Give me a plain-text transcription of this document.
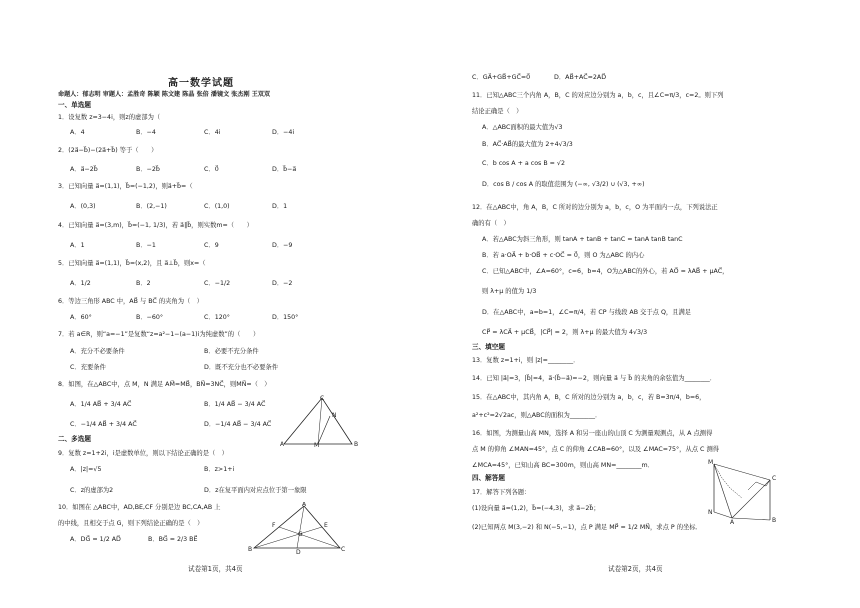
高一数学试题
命题人：郁志明 审题人：孟胜奇 陈颖 陈文建 陈晶 张倍 潘镜文 张杰刚 王双双
一、单选题
1．设复数 z=3−4i，则z的虚部为（
A．4	B．−4	C．4i	D．−4i
2．(2a⃗−b⃗)−(2a⃗+b⃗) 等于（　　）
A．a⃗−2b⃗	B．−2b⃗	C．0⃗	D．b⃗−a⃗
3．已知向量 a⃗=(1,1)，b⃗=(−1,2)，则a⃗+b⃗=（
A．(0,3)	B．(2,−1)	C．(1,0)	D．1
4．已知向量 a⃗=(3,m)，b⃗=(−1, 1/3)，若 a⃗∥b⃗，则实数m=（　　）
A．1	B．−1	C．9	D．−9
5．已知向量 a⃗=(1,1)，b⃗=(x,2)，且 a⃗⊥b⃗，则x=（
A．1/2	B．2	C．−1/2	D．−2
6．等边三角形 ABC 中，AB⃗ 与 BC⃗ 的夹角为（　）
A．60°	B．−60°	C．120°	D．150°
7．若 a∈R，则“a=−1”是复数“z=a²−1−(a−1)i为纯虚数”的（　　）
A．充分不必要条件	B．必要不充分条件
C．充要条件	D．既不充分也不必要条件
8．如图，在△ABC中，点 M，N 满足 AM⃗=MB⃗，BN⃗=3NC⃗，则MN⃗=（　）
A．1/4 AB⃗ + 3/4 AC⃗	B．1/4 AB⃗ − 3/4 AC⃗
C．−1/4 AB⃗ + 3/4 AC⃗	D．−1/4 AB⃗ − 3/4 AC⃗
A	B
C
M
N
二、多选题
9．复数 z=1+2i，i是虚数单位，则以下结论正确的是（　）
A．|z|=√5	B．z>1+i
C．z的虚部为2	D．z在复平面内对应点位于第一象限
10．如图在 △ABC中，AD,BE,CF 分别是边 BC,CA,AB 上
的中线，且相交于点 G，则下列结论正确的是（　）
A．DG⃗ = 1/2 AD⃗	B．BG⃗ = 2/3 BE⃗
B	C
A
F	E
D
G
试卷第1页，共4页
C．GA⃗+GB⃗+GC⃗=0⃗	D．AB⃗+AC⃗=2AD⃗
11．已知△ABC三个内角 A，B，C 的对应边分别为 a，b，c，且∠C=π/3，c=2。则下列
结论正确是（　）
A．△ABC面积的最大值为√3
B．AC⃗·AB⃗的最大值为 2+4√3/3
C．b cos A + a cos B = √2
D．cos B / cos A 的取值范围为 (−∞, √3/2) ∪ (√3, +∞)
12．在△ABC中，角 A，B，C 所对的边分别为 a，b，c，O 为平面内一点，下列说法正
确的有（　）
A．若△ABC为斜三角形，则 tanA + tanB + tanC = tanA tanB tanC
B．若 a·OA⃗ + b·OB⃗ + c·OC⃗ = 0⃗，则 O 为△ABC 的内心
C．已知△ABC中，∠A=60°，c=6，b=4，O为△ABC的外心，若 AO⃗ = λAB⃗ + μAC⃗，
则 λ+μ 的值为 1/3
D．在△ABC中，a=b=1，∠C=π/4，若 CP 与线段 AB 交于点 Q，且满足
CP⃗ = λCA⃗ + μCB⃗，|CP⃗| = 2，则 λ+μ 的最大值为 4√3/3
三、填空题
13．复数 z=1+i，则 |z|=________．
14．已知 |a⃗|=3，|b⃗|=4，a⃗·(b⃗−a⃗)=−2，则向量 a⃗ 与 b⃗ 的夹角的余弦值为________．
15．在△ABC中，其内角 A，B，C 所对的边分别为 a，b，c，若 B=3π/4，b=6，
a²+c²=2√2ac，则△ABC的面积为________．
16．如图，为测量山高 MN，选择 A 和另一座山的山顶 C 为测量观测点，从 A 点测得
点 M 的仰角 ∠MAN=45°，点 C 的仰角 ∠CAB=60°，以及 ∠MAC=75°，从点 C 测得
∠MCA=45°，已知山高 BC=300m，则山高 MN=________m．
四、解答题
17．解答下列各题：
(1)设向量 a⃗=(1,2)，b⃗=(−4,3)，求 a⃗−2b⃗；
(2)已知两点 M(3,−2) 和 N(−5,−1)，点 P 满足 MP⃗ = 1/2 MN⃗，求点 P 的坐标．
M
C
N
A	B
试卷第2页，共4页
